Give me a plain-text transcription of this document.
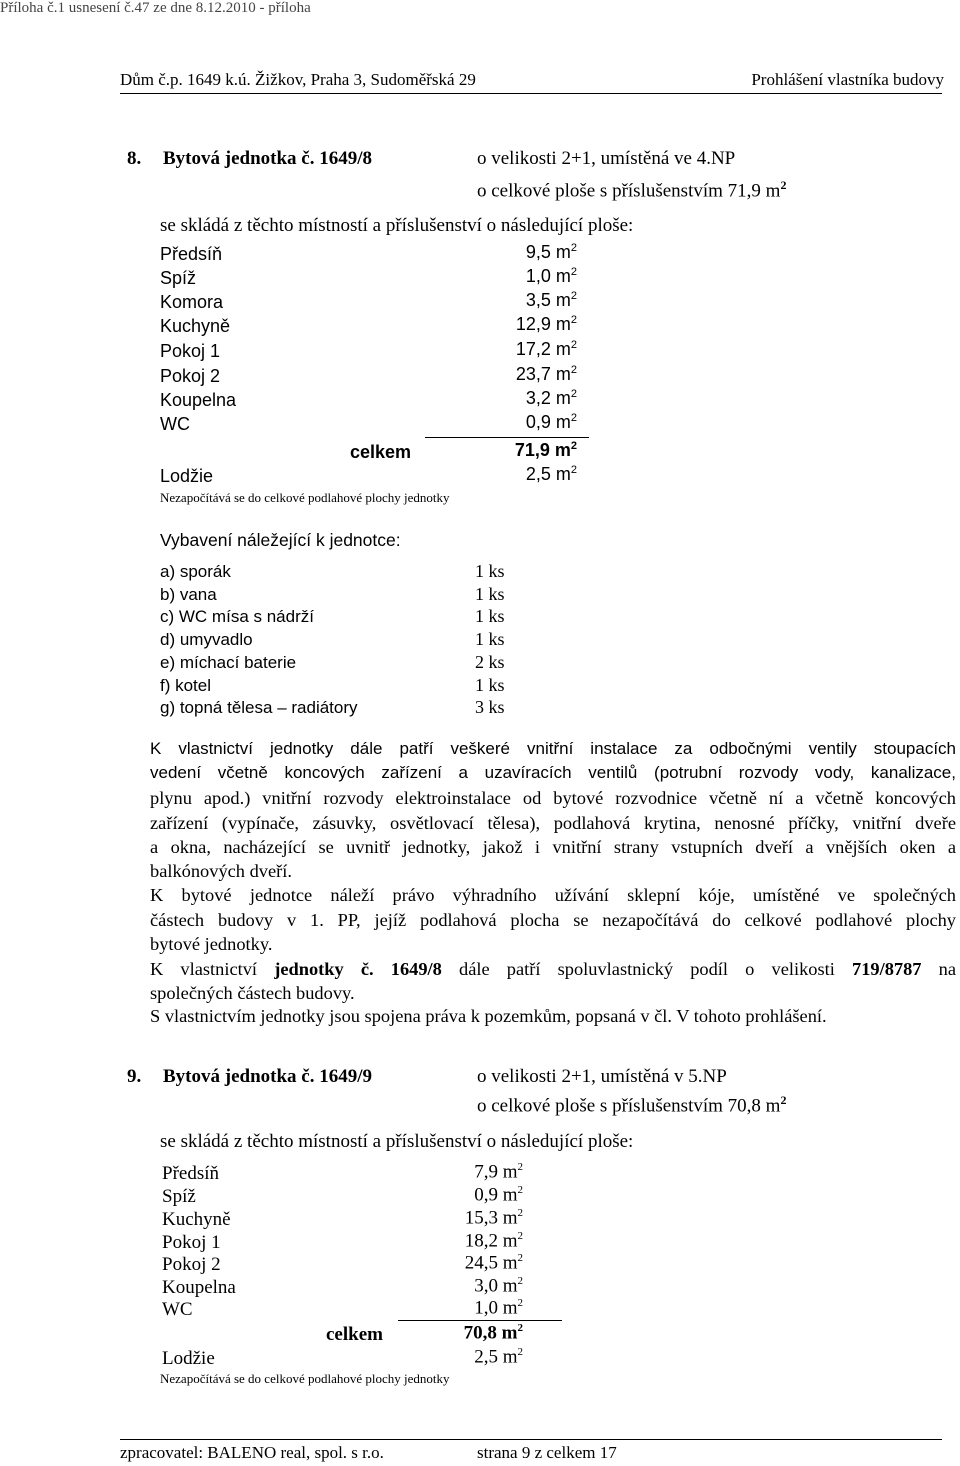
Příloha č.1 usnesení č.47 ze dne 8.12.2010 - příloha
Dům č.p. 1649 k.ú. Žižkov, Praha 3, Sudoměřská 29	Prohlášení vlastníka budovy
8. Bytová jednotka č. 1649/8	o velikosti 2+1, umístěná ve 4.NP
o celkové ploše s příslušenstvím 71,9 $m^2$
se skládá z těchto místností a příslušenství o následující ploše:
Předsíň	9,5 $m^2$
Spíž	1,0 $m^2$
Komora	3,5 $m^2$
Kuchyně	12,9 $m^2$
Pokoj 1	17,2 $m^2$
Pokoj 2	23,7 $m^2$
Koupelna	3,2 $m^2$
WC	0,9 $m^2$
celkem	71,9 $m^2$
Lodžie	2,5 $m^2$
Nezapočítává se do celkové podlahové plochy jednotky
Vybavení náležející k jednotce:
a) sporák	1 ks
b) vana	1 ks
c) WC mísa s nádrží	1 ks
d) umyvadlo	1 ks
e) míchací baterie	2 ks
f) kotel	1 ks
g) topná tělesa – radiátory	3 ks
K vlastnictví jednotky dále patří veškeré vnitřní instalace za odbočnými ventily stoupacích
vedení včetně koncových zařízení a uzavíracích ventilů (potrubní rozvody vody, kanalizace,
plynu apod.) vnitřní rozvody elektroinstalace od bytové rozvodnice včetně ní a včetně koncových
zařízení (vypínače, zásuvky, osvětlovací tělesa), podlahová krytina, nenosné příčky, vnitřní dveře
a okna, nacházející se uvnitř jednotky, jakož i vnitřní strany vstupních dveří a vnějších oken a
balkónových dveří.
K bytové jednotce náleží právo výhradního užívání sklepní kóje, umístěné ve společných
částech budovy v 1. PP, jejíž podlahová plocha se nezapočítává do celkové podlahové plochy
bytové jednotky.
K vlastnictví jednotky č. 1649/8 dále patří spoluvlastnický podíl o velikosti 719/8787 na
společných částech budovy.
S vlastnictvím jednotky jsou spojena práva k pozemkům, popsaná v čl. V tohoto prohlášení.
9. Bytová jednotka č. 1649/9	o velikosti 2+1, umístěná v 5.NP
o celkové ploše s příslušenstvím 70,8 $m^2$
se skládá z těchto místností a příslušenství o následující ploše:
Předsíň	7,9 $m^2$
Spíž	0,9 $m^2$
Kuchyně	15,3 $m^2$
Pokoj 1	18,2 $m^2$
Pokoj 2	24,5 $m^2$
Koupelna	3,0 $m^2$
WC	1,0 $m^2$
celkem	70,8 $m^2$
Lodžie	2,5 $m^2$
Nezapočítává se do celkové podlahové plochy jednotky
zpracovatel: BALENO real, spol. s r.o.	strana 9 z celkem 17
